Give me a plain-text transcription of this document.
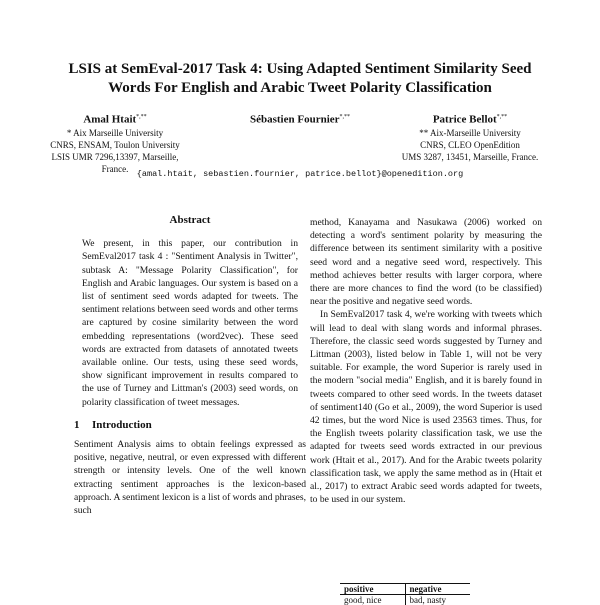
LSIS at SemEval-2017 Task 4: Using Adapted Sentiment Similarity Seed
Words For English and Arabic Tweet Polarity Classification
Amal Htait*,**
* Aix Marseille University
CNRS, ENSAM, Toulon University
LSIS UMR 7296,13397, Marseille, France.
Sébastien Fournier*,**	Patrice Bellot*,**
** Aix-Marseille University
CNRS, CLEO OpenEdition
UMS 3287, 13451, Marseille, France.
{amal.htait, sebastien.fournier, patrice.bellot}@openedition.org
Abstract

We present, in this paper, our contribution in SemEval2017 task 4 : "Sentiment Analysis in Twitter", subtask A: "Message Polarity Classification", for English and Arabic languages. Our system is based on a list of sentiment seed words adapted for tweets. The sentiment relations between seed words and other terms are captured by cosine similarity between the word embedding representations (word2vec). These seed words are extracted from datasets of annotated tweets available online. Our tests, using these seed words, show significant improvement in results compared to the use of Turney and Littman's (2003) seed words, on polarity classification of tweet messages.

1 Introduction

Sentiment Analysis aims to obtain feelings expressed as positive, negative, neutral, or even expressed with different strength or intensity levels. One of the well known extracting sentiment approaches is the lexicon-based approach. A sentiment lexicon is a list of words and phrases, such

method, Kanayama and Nasukawa (2006) worked on detecting a word's sentiment polarity by measuring the difference between its sentiment similarity with a positive seed word and a negative seed word, respectively. This method achieves better results with larger corpora, where there are more chances to find the word (to be classified) near the positive and negative seed words.

In SemEval2017 task 4, we're working with tweets which will lead to deal with slang words and informal phrases. Therefore, the classic seed words suggested by Turney and Littman (2003), listed below in Table 1, will not be very suitable. For example, the word Superior is rarely used in the modern "social media" English, and it is barely found in tweets compared to other seed words. In the tweets dataset of sentiment140 (Go et al., 2009), the word Superior is used 42 times, but the word Nice is used 23563 times. Thus, for the English tweets polarity classification task, we use the adapted for tweets seed words extracted in our previous work (Htait et al., 2017). And for the Arabic tweets polarity classification task, we apply the same method as in (Htait et al., 2017) to extract Arabic seed words adapted for tweets, to be used in our system.

positive	negative
good, nice	bad, nasty
